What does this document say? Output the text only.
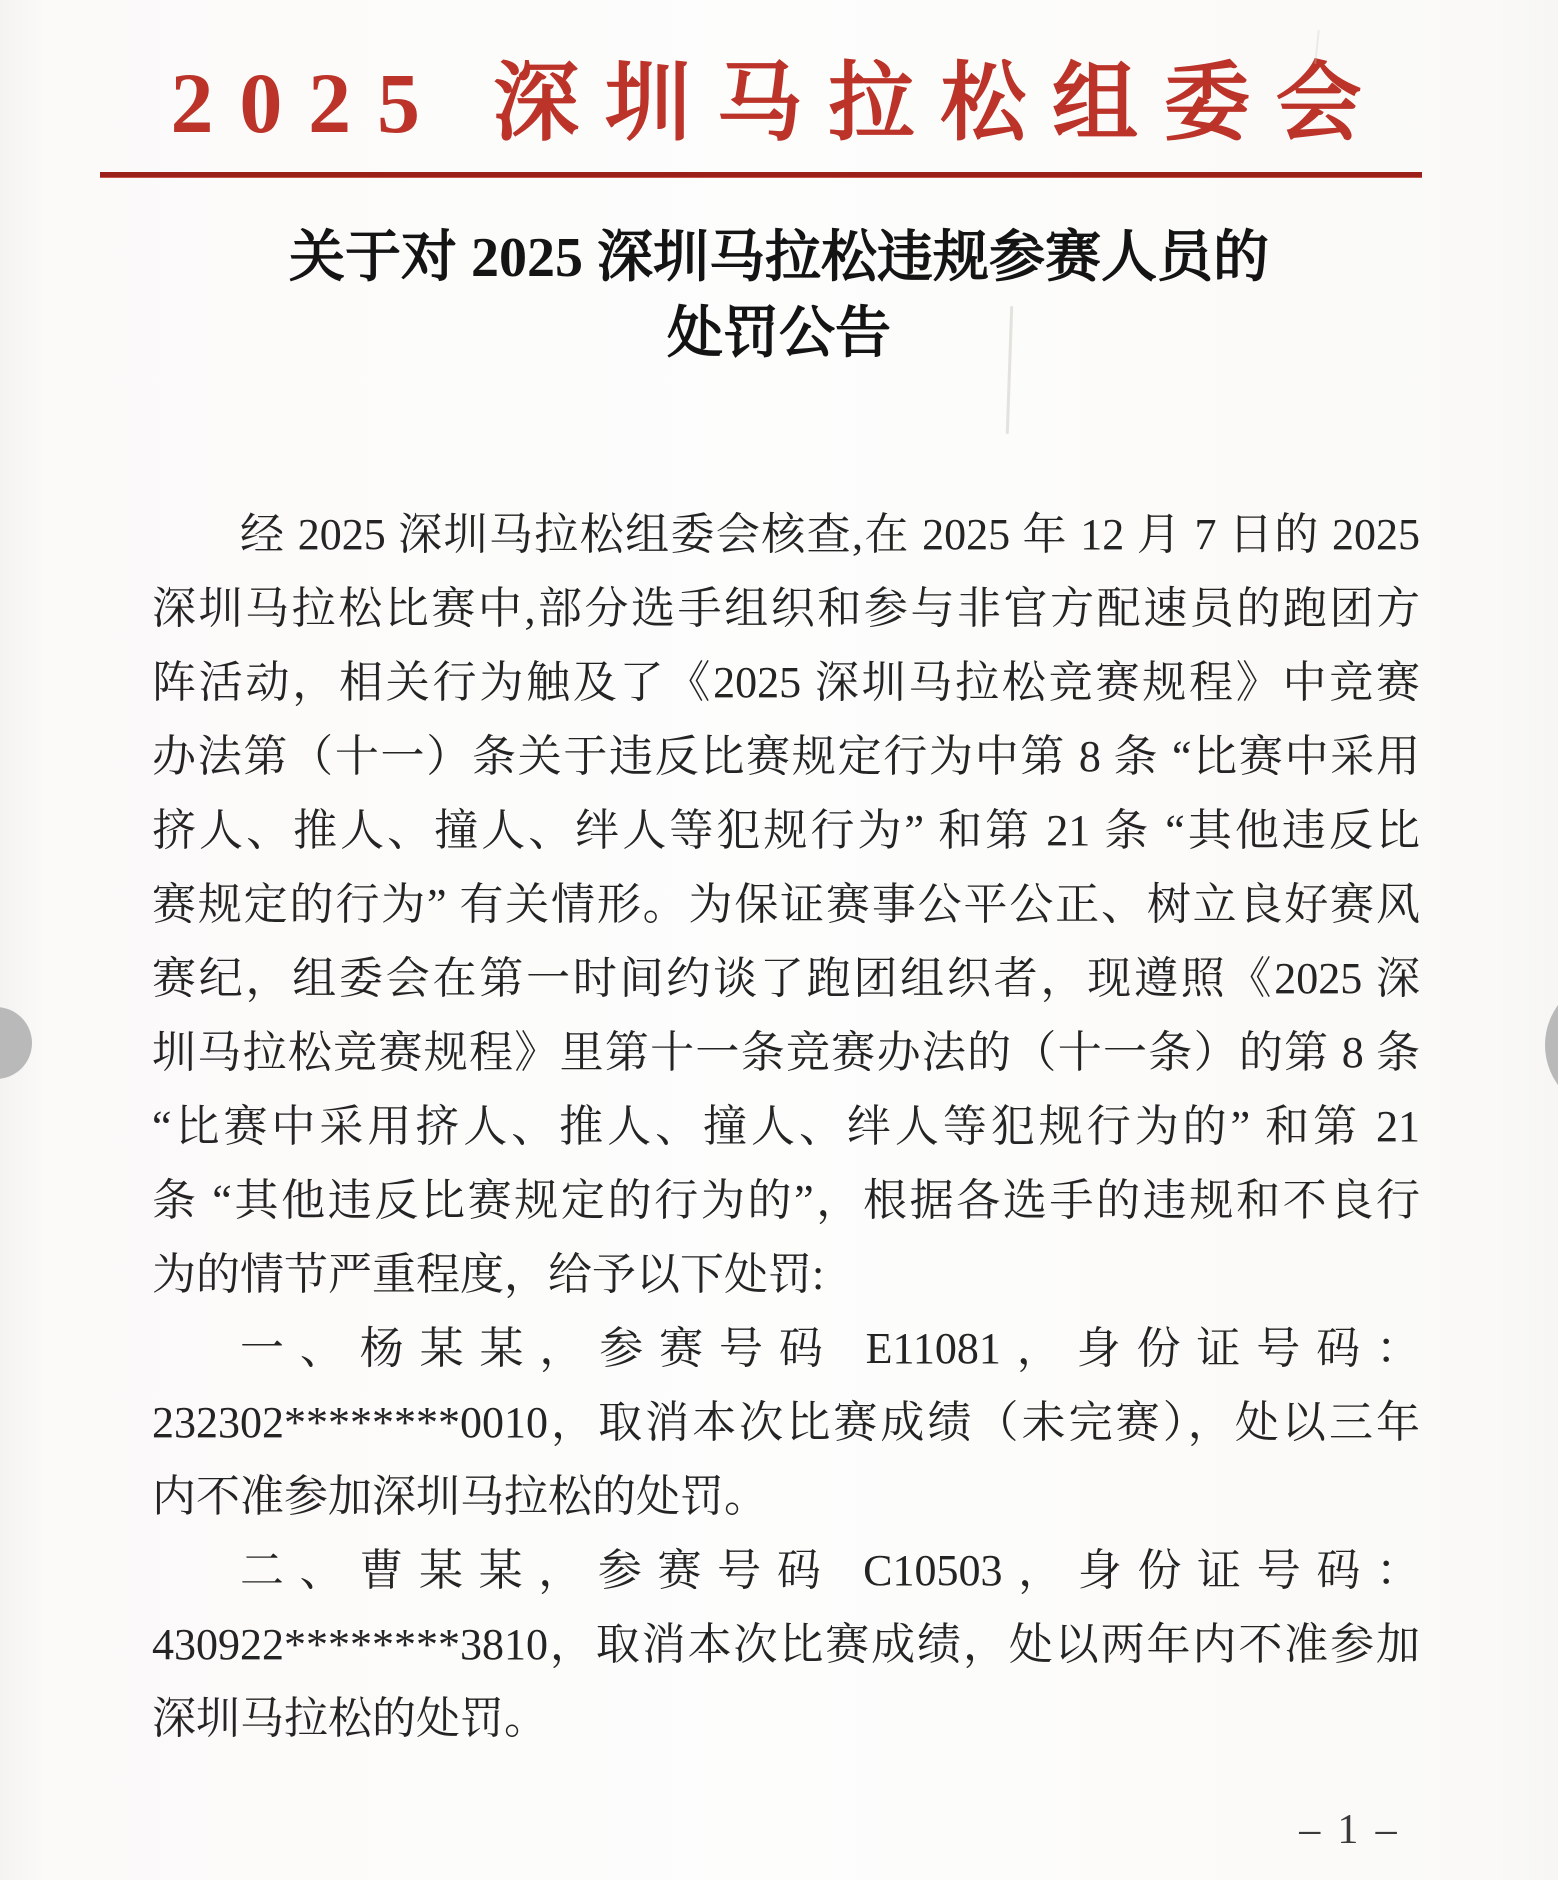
2025 深圳马拉松组委会
关于对 2025 深圳马拉松违规参赛人员的
处罚公告
经 2025 深圳马拉松组委会核查,在 2025 年 12 月 7 日的 2025
深圳马拉松比赛中,部分选手组织和参与非官方配速员的跑团方
阵活动，相关行为触及了《2025 深圳马拉松竞赛规程》中竞赛
办法第（十一）条关于违反比赛规定行为中第 8 条 “比赛中采用
挤人、推人、撞人、绊人等犯规行为” 和第 21 条 “其他违反比
赛规定的行为” 有关情形。为保证赛事公平公正、树立良好赛风
赛纪，组委会在第一时间约谈了跑团组织者，现遵照《2025 深
圳马拉松竞赛规程》里第十一条竞赛办法的（十一条）的第 8 条
“比赛中采用挤人、推人、撞人、绊人等犯规行为的” 和第 21
条 “其他违反比赛规定的行为的”，根据各选手的违规和不良行
为的情节严重程度，给予以下处罚:
一、杨某某，参赛号码 E11081，身份证号码：
232302********0010，取消本次比赛成绩（未完赛），处以三年
内不准参加深圳马拉松的处罚。
二、曹某某，参赛号码 C10503，身份证号码：
430922********3810，取消本次比赛成绩，处以两年内不准参加
深圳马拉松的处罚。
– 1 –
